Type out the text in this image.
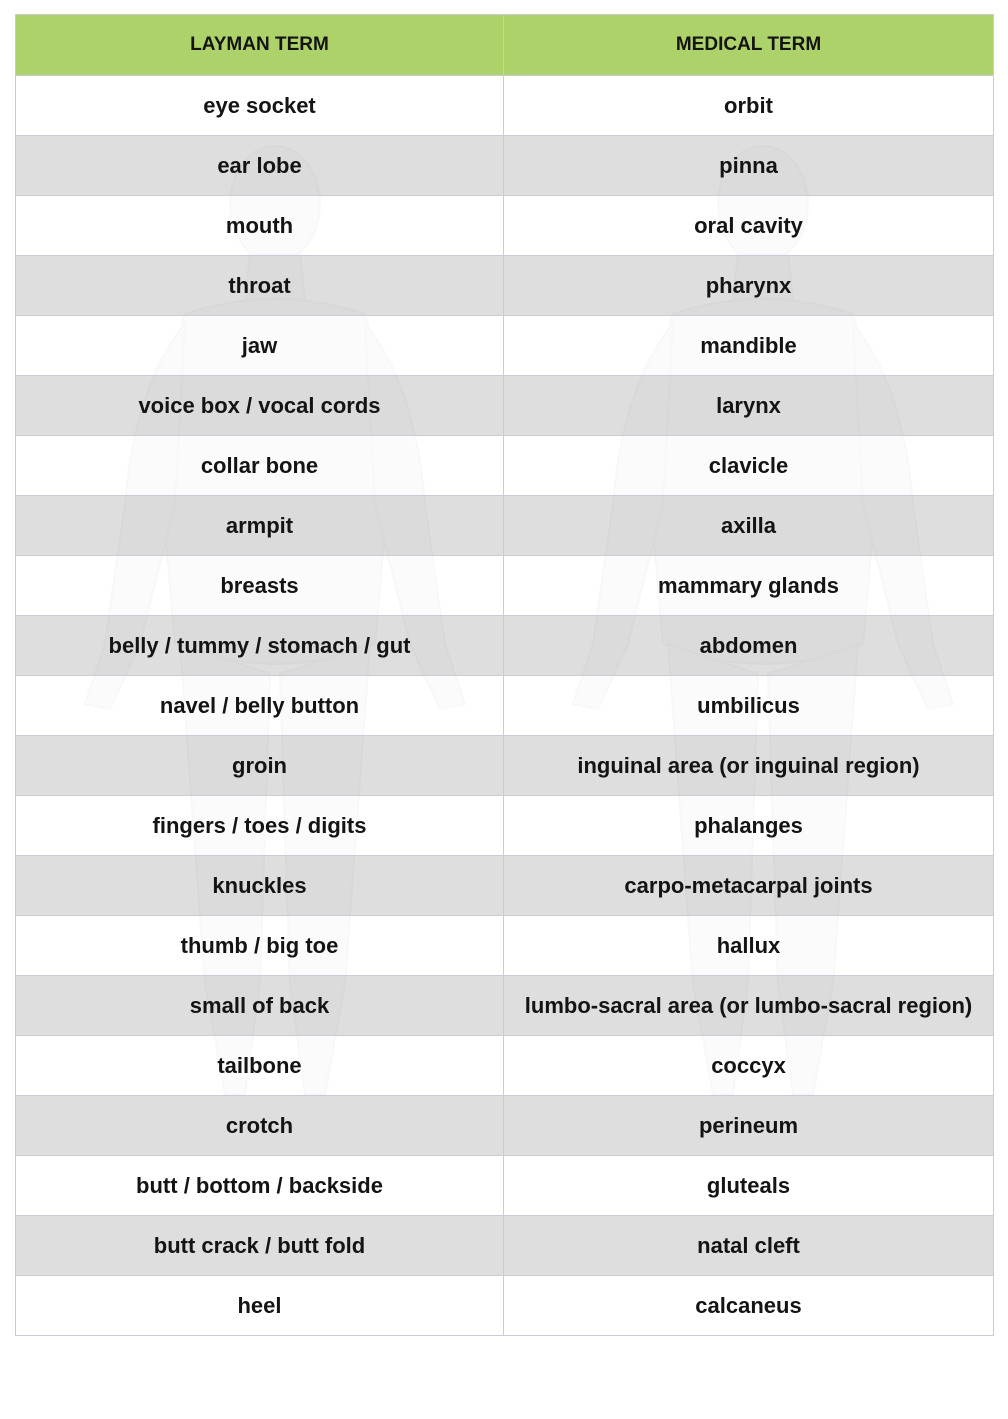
LAYMAN TERM	MEDICAL TERM
eye socket	orbit
ear lobe	pinna
mouth	oral cavity
throat	pharynx
jaw	mandible
voice box / vocal cords	larynx
collar bone	clavicle
armpit	axilla
breasts	mammary glands
belly / tummy / stomach / gut	abdomen
navel / belly button	umbilicus
groin	inguinal area (or inguinal region)
fingers / toes / digits	phalanges
knuckles	carpo-metacarpal joints
thumb / big toe	hallux
small of back	lumbo-sacral area (or lumbo-sacral region)
tailbone	coccyx
crotch	perineum
butt / bottom / backside	gluteals
butt crack / butt fold	natal cleft
heel	calcaneus
